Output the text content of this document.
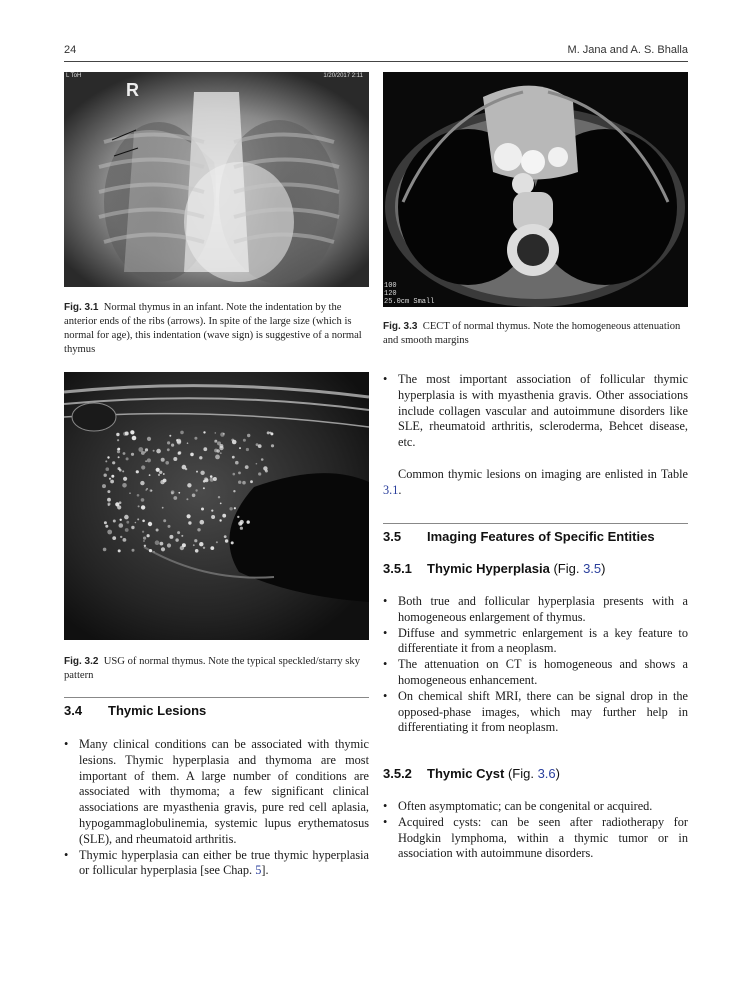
24	M. Jana and A. S. Bhalla
R
L ToH	1/20/2017 2:11
Fig. 3.1 Normal thymus in an infant. Note the indentation by the anterior ends of the ribs (arrows). In spite of the large size (which is normal for age), this indentation (wave sign) is suggestive of a normal thymus
100
120
25.0cm Small
Fig. 3.3 CECT of normal thymus. Note the homogeneous attenuation and smooth margins
Fig. 3.2 USG of normal thymus. Note the typical speckled/starry sky pattern
3.4 Thymic Lesions
• Many clinical conditions can be associated with thymic lesions. Thymic hyperplasia and thymoma are most important of them. A large number of conditions are associated with thymoma; a few significant clinical associations are myasthenia gravis, pure red cell aplasia, hypogammaglobulinemia, systemic lupus erythematosus (SLE), and rheumatoid arthritis.
• Thymic hyperplasia can either be true thymic hyperplasia or follicular hyperplasia [see Chap. 5].
• The most important association of follicular thymic hyperplasia is with myasthenia gravis. Other associations include collagen vascular and autoimmune disorders like SLE, rheumatoid arthritis, scleroderma, Behcet disease, etc.

Common thymic lesions on imaging are enlisted in Table 3.1.

3.5 Imaging Features of Specific Entities
3.5.1 Thymic Hyperplasia (Fig. 3.5)
• Both true and follicular hyperplasia presents with a homogeneous enlargement of thymus.
• Diffuse and symmetric enlargement is a key feature to differentiate it from a neoplasm.
• The attenuation on CT is homogeneous and shows a homogeneous enhancement.
• On chemical shift MRI, there can be signal drop in the opposed-phase images, which may further help in differentiating it from neoplasm.
3.5.2 Thymic Cyst (Fig. 3.6)
• Often asymptomatic; can be congenital or acquired.
• Acquired cysts: can be seen after radiotherapy for Hodgkin lymphoma, within a thymic tumor or in association with autoimmune disorders.
